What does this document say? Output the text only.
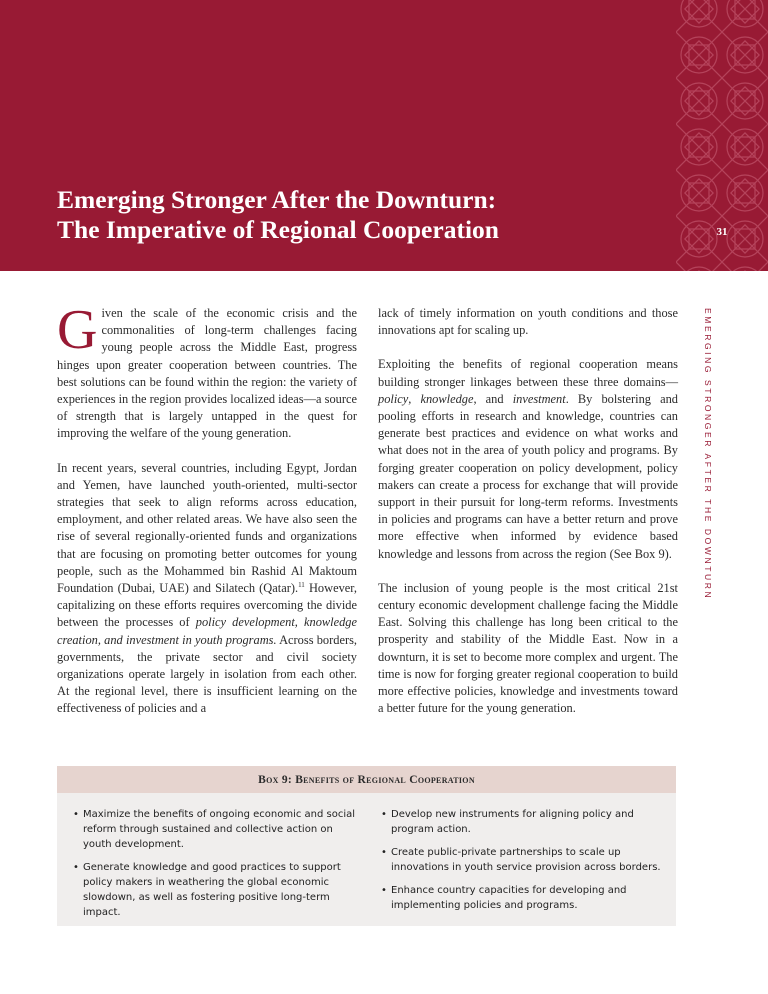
Emerging Stronger After the Downturn:
The Imperative of Regional Cooperation	31
EMERGING STRONGER AFTER THE DOWNTURN

Given the scale of the economic crisis and the commonalities of long-term challenges facing young people across the Middle East, progress hinges upon greater cooperation between countries. The best solutions can be found within the region: the variety of experiences in the region provides localized ideas—a source of strength that is largely untapped in the quest for improving the welfare of the young generation.

In recent years, several countries, including Egypt, Jordan and Yemen, have launched youth-oriented, multi-sector strategies that seek to align reforms across education, employment, and other related areas. We have also seen the rise of several regionally-oriented funds and organizations that are focusing on promoting better outcomes for young people, such as the Mohammed bin Rashid Al Maktoum Foundation (Dubai, UAE) and Silatech (Qatar).$^{11}$ However, capitalizing on these efforts requires overcoming the divide between the processes of policy development, knowledge creation, and investment in youth programs. Across borders, governments, the private sector and civil society organizations operate largely in isolation from each other. At the regional level, there is insufficient learning on the effectiveness of policies and a

lack of timely information on youth conditions and those innovations apt for scaling up.

Exploiting the benefits of regional cooperation means building stronger linkages between these three domains—policy, knowledge, and investment. By bolstering and pooling efforts in research and knowledge, countries can generate best practices and evidence on what works and what does not in the area of youth policy and programs. By forging greater cooperation on policy development, policy makers can create a process for exchange that will provide support in their pursuit for long-term reforms. Investments in policies and programs can have a better return and prove more effective when informed by evidence based knowledge and lessons from across the region (See Box 9).

The inclusion of young people is the most critical 21st century economic development challenge facing the Middle East. Solving this challenge has long been critical to the prosperity and stability of the Middle East. Now in a downturn, it is set to become more complex and urgent. The time is now for forging greater regional cooperation to build more effective policies, knowledge and investments toward a better future for the young generation.

Box 9: Benefits of Regional Cooperation
• Maximize the benefits of ongoing economic and social reform through sustained and collective action on youth development.
• Generate knowledge and good practices to support policy makers in weathering the global economic slowdown, as well as fostering positive long-term impact.
• Develop new instruments for aligning policy and program action.
• Create public-private partnerships to scale up innovations in youth service provision across borders.
• Enhance country capacities for developing and implementing policies and programs.
